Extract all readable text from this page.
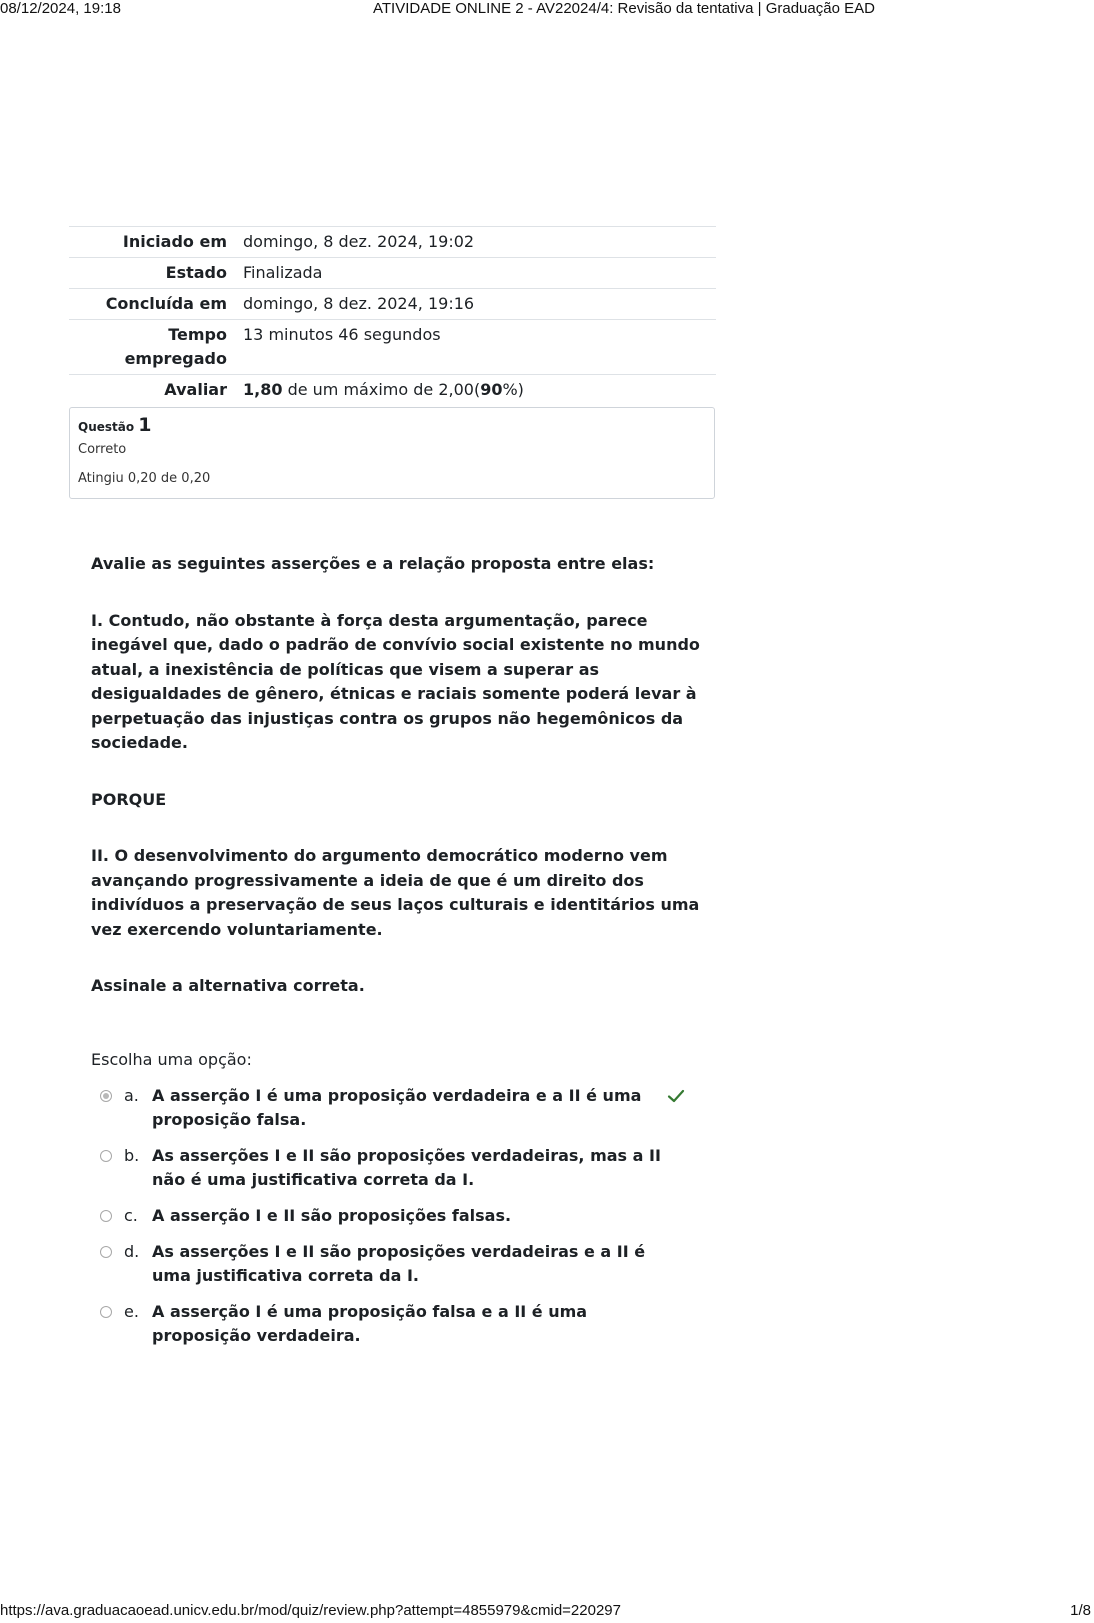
08/12/2024, 19:18	ATIVIDADE ONLINE 2 - AV22024/4: Revisão da tentativa | Graduação EAD
Iniciado em	domingo, 8 dez. 2024, 19:02
Estado	Finalizada
Concluída em	domingo, 8 dez. 2024, 19:16
Tempo empregado	13 minutos 46 segundos
Avaliar	1,80 de um máximo de 2,00(90%)
Questão 1
Correto
Atingiu 0,20 de 0,20

Avalie as seguintes asserções e a relação proposta entre elas:

I. Contudo, não obstante à força desta argumentação, parece inegável que, dado o padrão de convívio social existente no mundo atual, a inexistência de políticas que visem a superar as desigualdades de gênero, étnicas e raciais somente poderá levar à perpetuação das injustiças contra os grupos não hegemônicos da sociedade.

PORQUE

II. O desenvolvimento do argumento democrático moderno vem avançando progressivamente a ideia de que é um direito dos indivíduos a preservação de seus laços culturais e identitários uma vez exercendo voluntariamente.

Assinale a alternativa correta.

Escolha uma opção:
a. A asserção I é uma proposição verdadeira e a II é uma proposição falsa.
b. As asserções I e II são proposições verdadeiras, mas a II não é uma justificativa correta da I.
c. A asserção I e II são proposições falsas.
d. As asserções I e II são proposições verdadeiras e a II é uma justificativa correta da I.
e. A asserção I é uma proposição falsa e a II é uma proposição verdadeira.
https://ava.graduacaoead.unicv.edu.br/mod/quiz/review.php?attempt=4855979&cmid=220297	1/8
